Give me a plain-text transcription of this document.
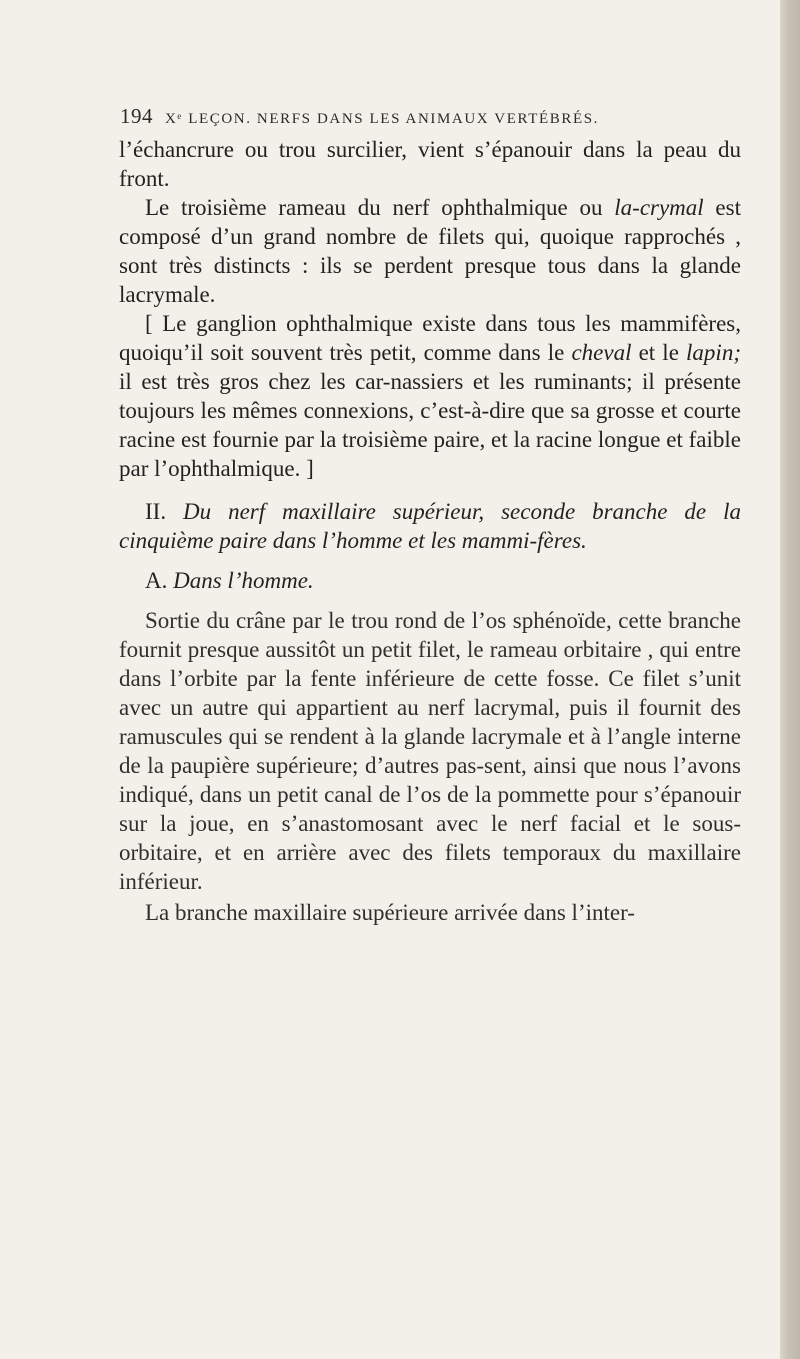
194 Xᵉ LEÇON. NERFS DANS LES ANIMAUX VERTÉBRÉS.

l’échancrure ou trou surcilier, vient s’épanouir dans la peau du front.

Le troisième rameau du nerf ophthalmique ou la-crymal est composé d’un grand nombre de filets qui, quoique rapprochés , sont très distincts : ils se perdent presque tous dans la glande lacrymale.

[ Le ganglion ophthalmique existe dans tous les mammifères, quoiqu’il soit souvent très petit, comme dans le cheval et le lapin; il est très gros chez les car-nassiers et les ruminants; il présente toujours les mêmes connexions, c’est-à-dire que sa grosse et courte racine est fournie par la troisième paire, et la racine longue et faible par l’ophthalmique. ]

II. Du nerf maxillaire supérieur, seconde branche de la cinquième paire dans l’homme et les mammi-fères.

A. Dans l’homme.

Sortie du crâne par le trou rond de l’os sphénoïde, cette branche fournit presque aussitôt un petit filet, le rameau orbitaire , qui entre dans l’orbite par la fente inférieure de cette fosse. Ce filet s’unit avec un autre qui appartient au nerf lacrymal, puis il fournit des ramuscules qui se rendent à la glande lacrymale et à l’angle interne de la paupière supérieure; d’autres pas-sent, ainsi que nous l’avons indiqué, dans un petit canal de l’os de la pommette pour s’épanouir sur la joue, en s’anastomosant avec le nerf facial et le sous-orbitaire, et en arrière avec des filets temporaux du maxillaire inférieur.

La branche maxillaire supérieure arrivée dans l’inter-
